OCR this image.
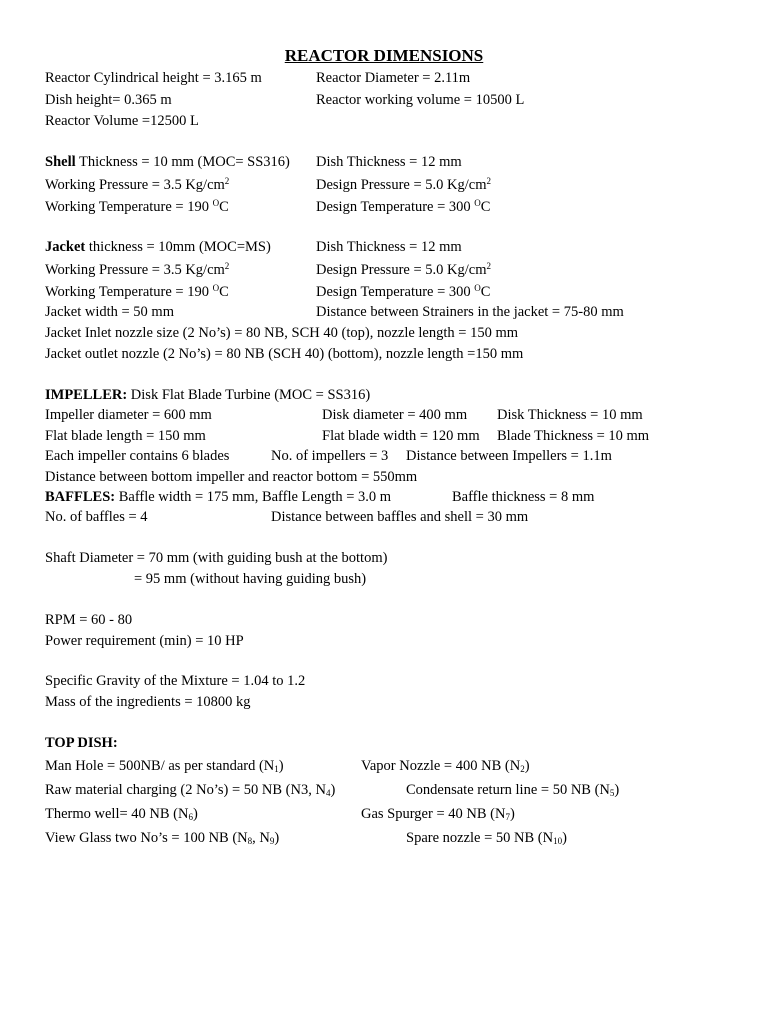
REACTOR DIMENSIONS
Reactor Cylindrical height = 3.165 m	Reactor Diameter = 2.11m
Dish height= 0.365 m	Reactor working volume = 10500 L
Reactor Volume =12500 L
Shell Thickness = 10 mm (MOC= SS316) Dish Thickness = 12 mm
Working Pressure = 3.5 $Kg/cm^2$	Design Pressure = 5.0 $Kg/cm^2$
Working Temperature = 190 $^O$C	Design Temperature = 300 $^O$C
Jacket thickness = 10mm (MOC=MS)	Dish Thickness = 12 mm
Working Pressure = 3.5 $Kg/cm^2$	Design Pressure = 5.0 $Kg/cm^2$
Working Temperature = 190 $^O$C	Design Temperature = 300 $^O$C
Jacket width = 50 mm	Distance between Strainers in the jacket = 75-80 mm
Jacket Inlet nozzle size (2 No’s) = 80 NB, SCH 40 (top), nozzle length = 150 mm
Jacket outlet nozzle (2 No’s) = 80 NB (SCH 40) (bottom), nozzle length =150 mm
IMPELLER: Disk Flat Blade Turbine (MOC = SS316)
Impeller diameter = 600 mm	Disk diameter = 400 mm Disk Thickness = 10 mm
Flat blade length = 150 mm	Flat blade width = 120 mm Blade Thickness = 10 mm
Each impeller contains 6 blades	No. of impellers = 3 Distance between Impellers = 1.1m
Distance between bottom impeller and reactor bottom = 550mm
BAFFLES: Baffle width = 175 mm, Baffle Length = 3.0 m	Baffle thickness = 8 mm
No. of baffles = 4	Distance between baffles and shell = 30 mm
Shaft Diameter = 70 mm (with guiding bush at the bottom)
= 95 mm (without having guiding bush)
RPM = 60 - 80
Power requirement (min) = 10 HP
Specific Gravity of the Mixture = 1.04 to 1.2
Mass of the ingredients = 10800 kg
TOP DISH:
Man Hole = 500NB/ as per standard $(N_1)$	Vapor Nozzle = 400 NB $(N_2)$
Raw material charging (2 No’s) = 50 NB (N3, $N_4$)	Condensate return line = 50 NB $(N_5)$
Thermo well= 40 NB $(N_6)$	Gas Spurger = 40 NB $(N_7)$
View Glass two No’s = 100 NB ($N_8$, $N_9$)	Spare nozzle = 50 NB $(N_{10})$
